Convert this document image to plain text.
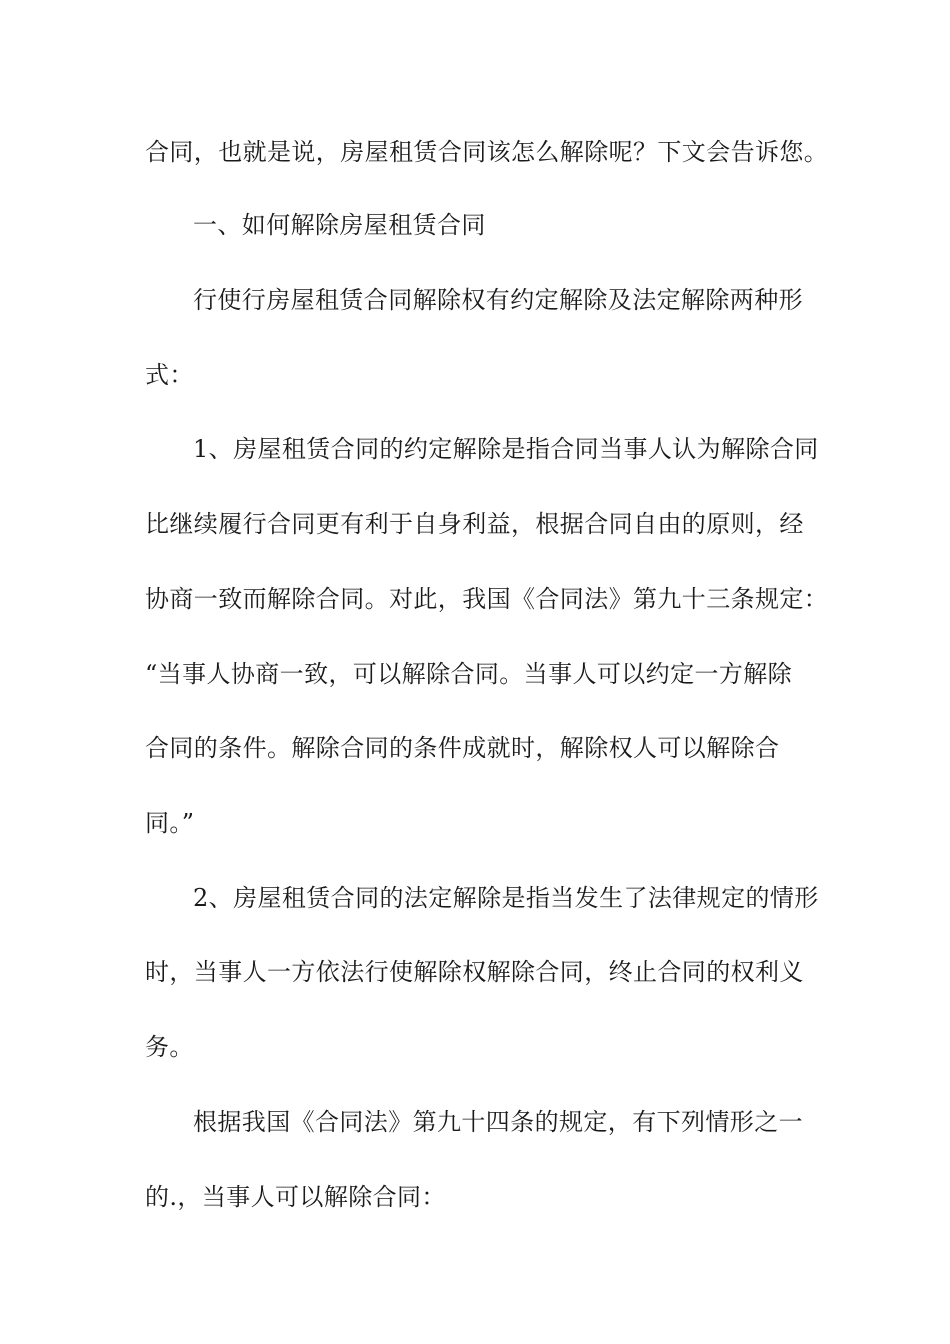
合同，也就是说，房屋租赁合同该怎么解除呢？下文会告诉您。
一、如何解除房屋租赁合同
行使行房屋租赁合同解除权有约定解除及法定解除两种形
式：
1、房屋租赁合同的约定解除是指合同当事人认为解除合同
比继续履行合同更有利于自身利益，根据合同自由的原则，经
协商一致而解除合同。对此，我国《合同法》第九十三条规定：
“当事人协商一致，可以解除合同。当事人可以约定一方解除
合同的条件。解除合同的条件成就时，解除权人可以解除合
同。”
2、房屋租赁合同的法定解除是指当发生了法律规定的情形
时，当事人一方依法行使解除权解除合同，终止合同的权利义
务。
根据我国《合同法》第九十四条的规定，有下列情形之一
的.，当事人可以解除合同：
